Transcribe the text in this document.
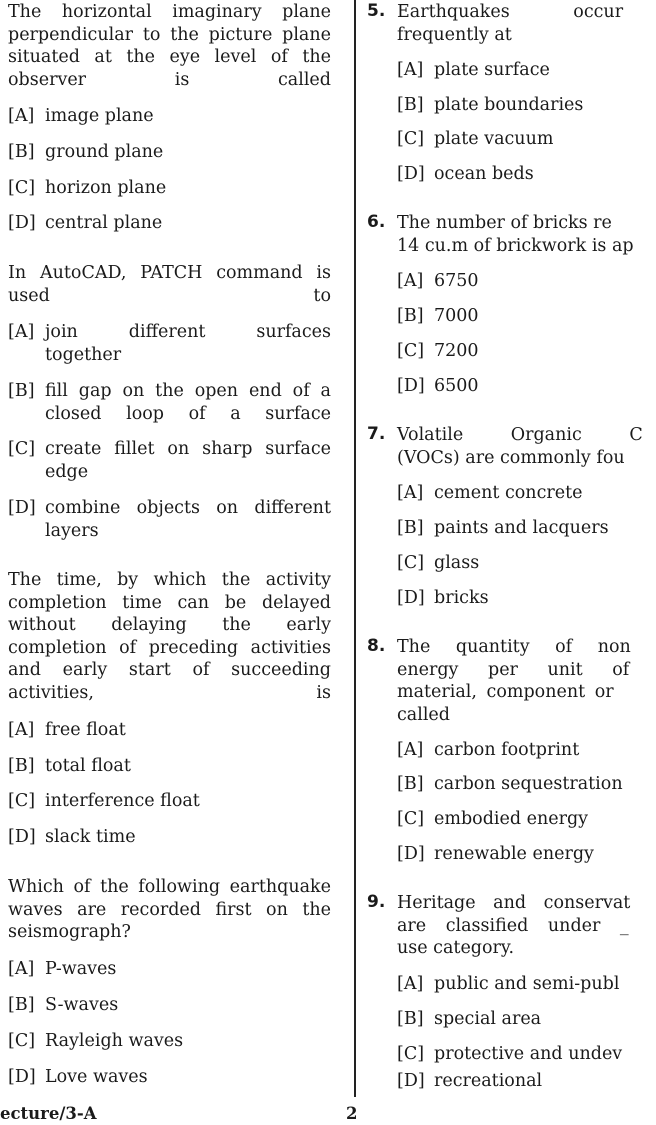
The horizontal imaginary plane
perpendicular to the picture plane
situated at the eye level of the
observer is called
[A] image plane
[B] ground plane
[C] horizon plane
[D] central plane
In AutoCAD, PATCH command is
used to
[A] join different surfaces
together
[B] fill gap on the open end of a
closed loop of a surface
[C] create fillet on sharp surface
edge
[D] combine objects on different
layers
The time, by which the activity
completion time can be delayed
without delaying the early
completion of preceding activities
and early start of succeeding
activities, is
[A] free float
[B] total float
[C] interference float
[D] slack time
Which of the following earthquake
waves are recorded first on the
seismograph?
[A] P-waves
[B] S-waves
[C] Rayleigh waves
[D] Love waves
5. Earthquakes occur
frequently at
[A] plate surface
[B] plate boundaries
[C] plate vacuum
[D] ocean beds
6. The number of bricks re
14 cu.m of brickwork is ap
[A] 6750
[B] 7000
[C] 7200
[D] 6500
7. Volatile Organic C
(VOCs) are commonly fou
[A] cement concrete
[B] paints and lacquers
[C] glass
[D] bricks
8. The quantity of non
energy per unit of
material, component or
called
[A] carbon footprint
[B] carbon sequestration
[C] embodied energy
[D] renewable energy
9. Heritage and conservat
are classified under _
use category.
[A] public and semi-publ
[B] special area
[C] protective and undev
[D] recreational
ecture/3-A	2
